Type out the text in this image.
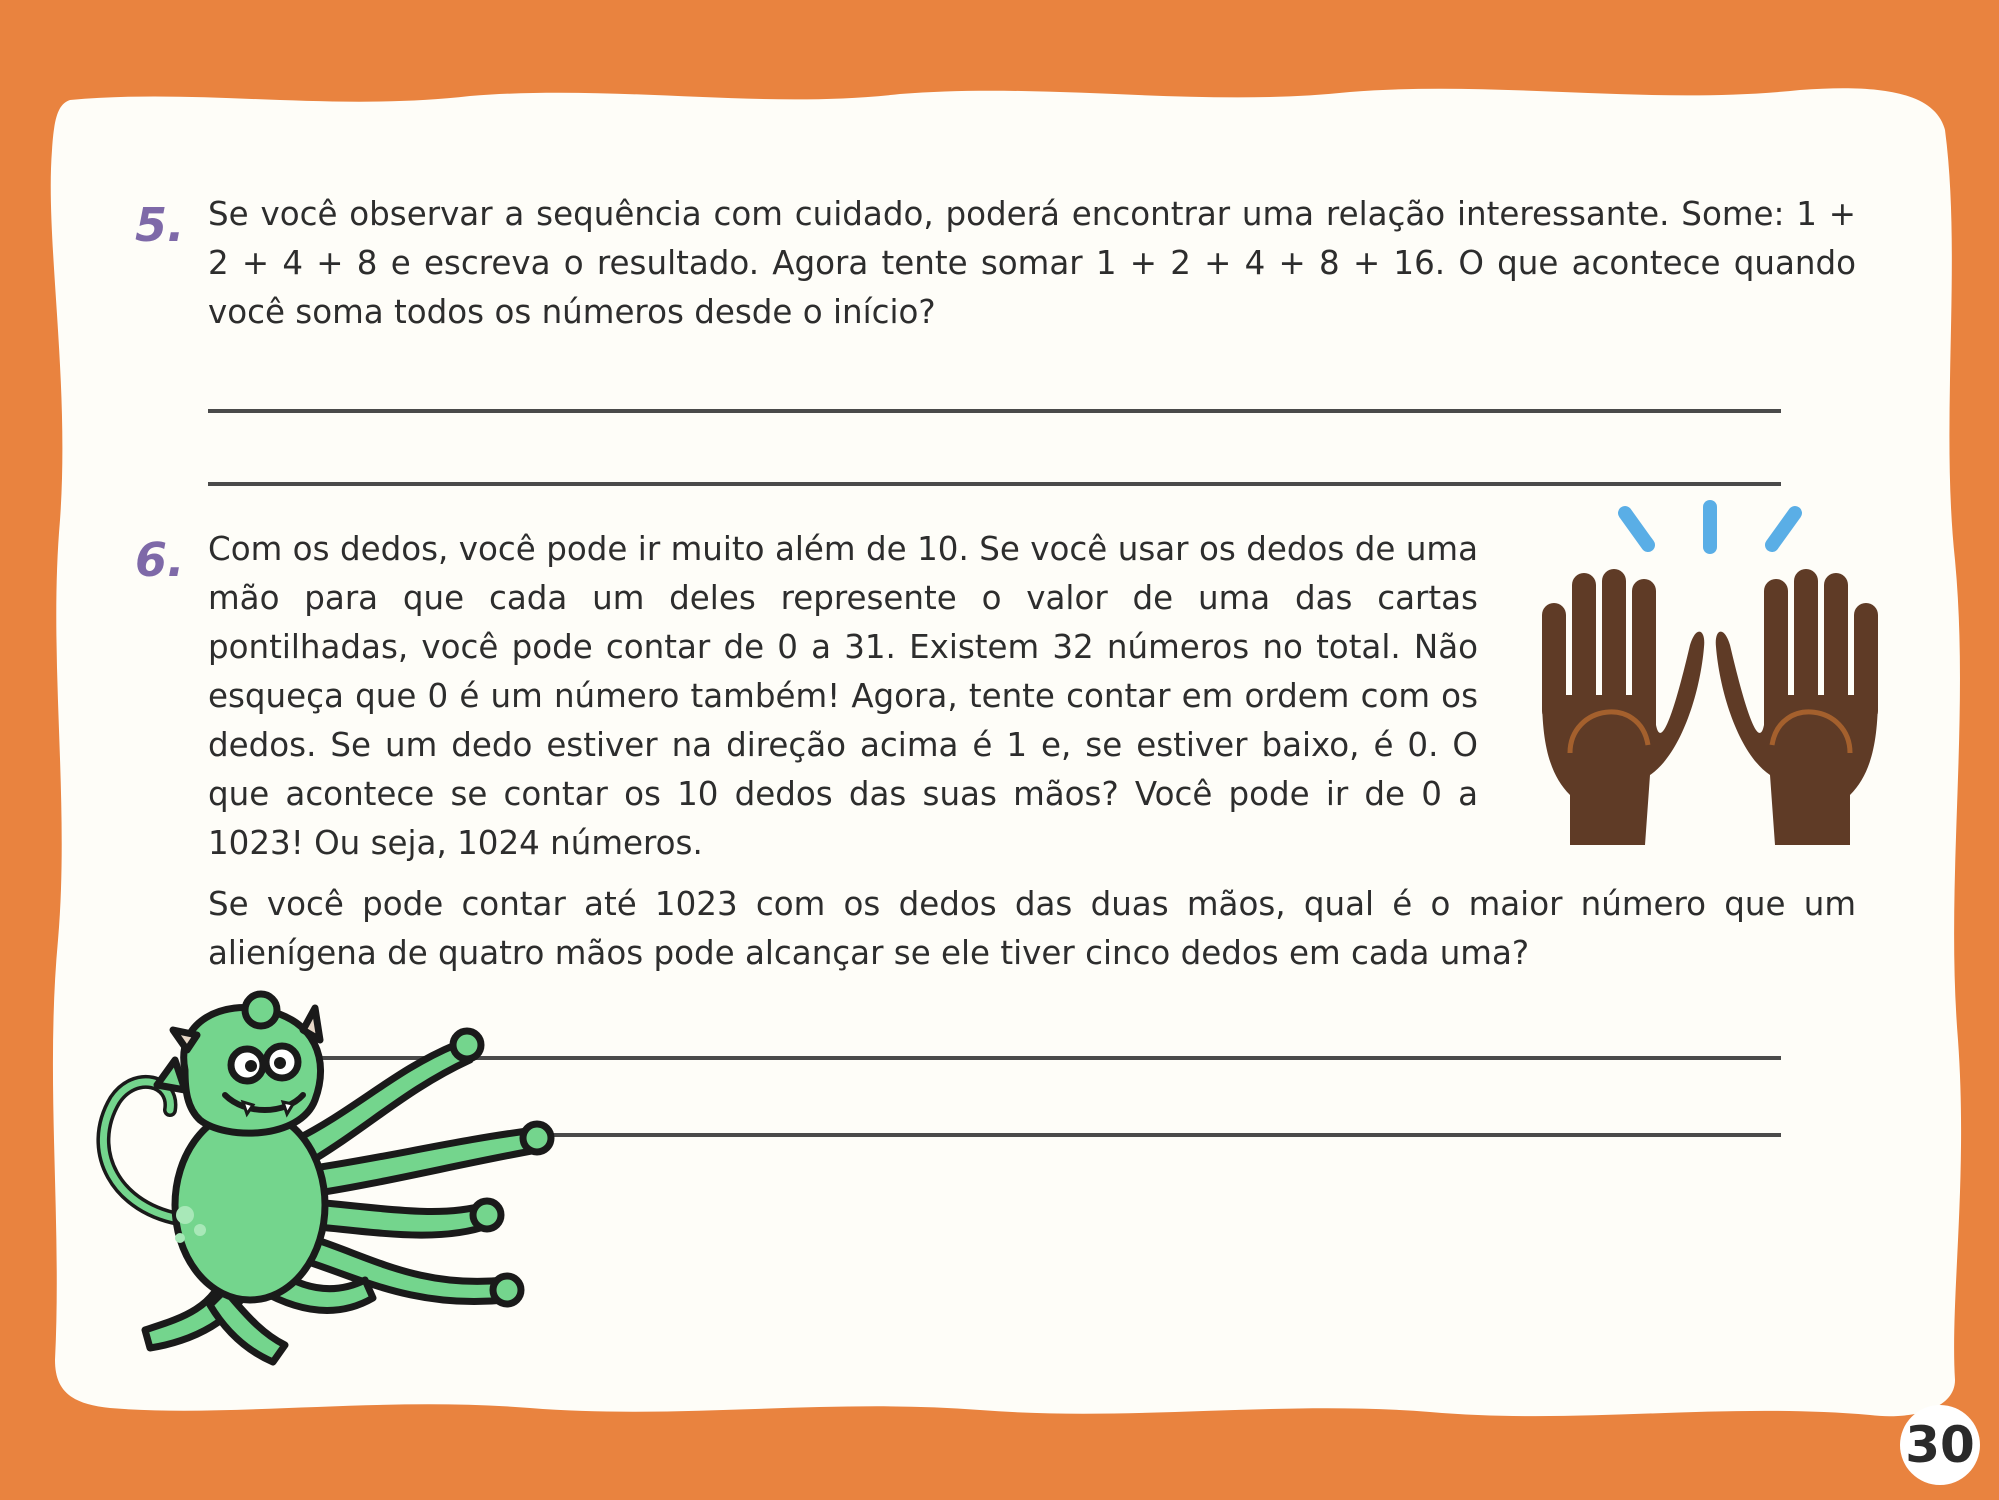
5. Se você observar a sequência com cuidado, poderá encontrar uma relação interessante. Some: 1 + 2 + 4 + 8 e escreva o resultado. Agora tente somar 1 + 2 + 4 + 8 + 16. O que acontece quando você soma todos os números desde o início?

6. Com os dedos, você pode ir muito além de 10. Se você usar os dedos de uma mão para que cada um deles represente o valor de uma das cartas pontilhadas, você pode contar de 0 a 31. Existem 32 números no total. Não esqueça que 0 é um número também! Agora, tente contar em ordem com os dedos. Se um dedo estiver na direção acima é 1 e, se estiver baixo, é 0. O que acontece se contar os 10 dedos das suas mãos? Você pode ir de 0 a 1023! Ou seja, 1024 números.

Se você pode contar até 1023 com os dedos das duas mãos, qual é o maior número que um alienígena de quatro mãos pode alcançar se ele tiver cinco dedos em cada uma?

30
